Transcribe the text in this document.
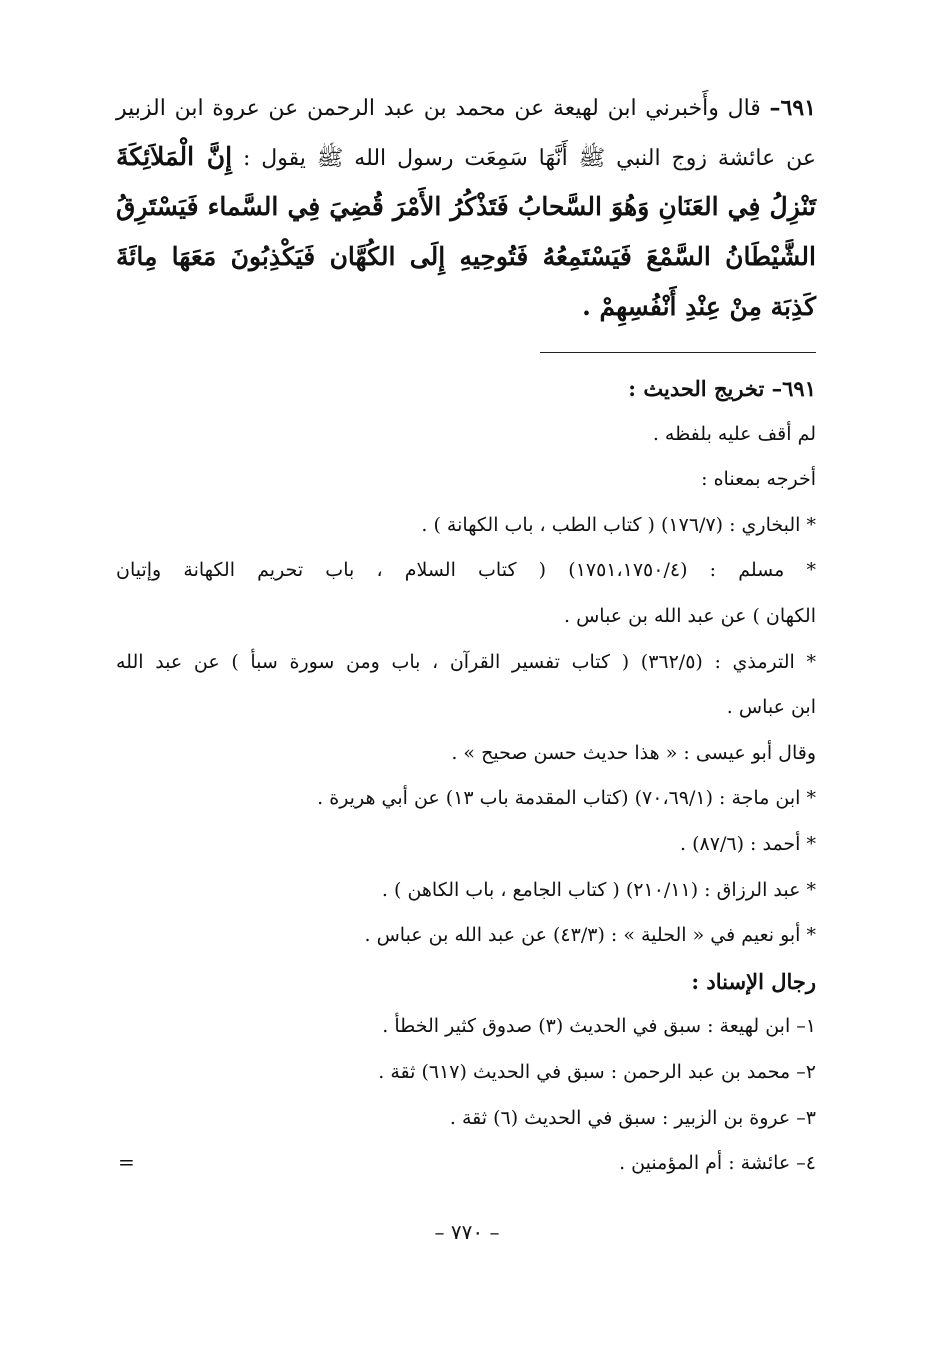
٦٩١– قال وأَخبرني ابن لهيعة عن محمد بن عبد الرحمن عن عروة ابن الزبير عن عائشة زوج النبي ﷺ أَنَّهَا سَمِعَت رسول الله ﷺ يقول : إِنَّ الْمَلاَئِكَةَ تَنْزِلُ فِي العَنَانِ وَهُوَ السَّحابُ فَتَذْكُرُ الأَمْرَ قُضِيَ فِي السَّماء فَيَسْتَرِقُ الشَّيْطَانُ السَّمْعَ فَيَسْتَمِعُهُ فَتُوحِيهِ إِلَى الكُهَّان فَيَكْذِبُونَ مَعَهَا مِائَةَ كَذِبَة مِنْ عِنْدِ أَنْفُسِهِمْ .
٦٩١– تخريج الحديث :
لم أقف عليه بلفظه .
أخرجه بمعناه :
* البخاري : (١٧٦/٧) ( كتاب الطب ، باب الكهانة ) .
* مسلم : (١٧٥١،١٧٥٠/٤) ( كتاب السلام ، باب تحريم الكهانة وإتيان
الكهان ) عن عبد الله بن عباس .
* الترمذي : (٣٦٢/٥) ( كتاب تفسير القرآن ، باب ومن سورة سبأ ) عن عبد الله
ابن عباس .
وقال أبو عيسى : « هذا حديث حسن صحيح » .
* ابن ماجة : (٧٠،٦٩/١) (كتاب المقدمة باب ١٣) عن أبي هريرة .
* أحمد : (٨٧/٦) .
* عبد الرزاق : (٢١٠/١١) ( كتاب الجامع ، باب الكاهن ) .
* أبو نعيم في « الحلية » : (٤٣/٣) عن عبد الله بن عباس .
رجال الإسناد :
١– ابن لهيعة : سبق في الحديث (٣) صدوق كثير الخطأ .
٢– محمد بن عبد الرحمن : سبق في الحديث (٦١٧) ثقة .
٣– عروة بن الزبير : سبق في الحديث (٦) ثقة .
٤– عائشة : أم المؤمنين .
=
– ٧٧٠ –
